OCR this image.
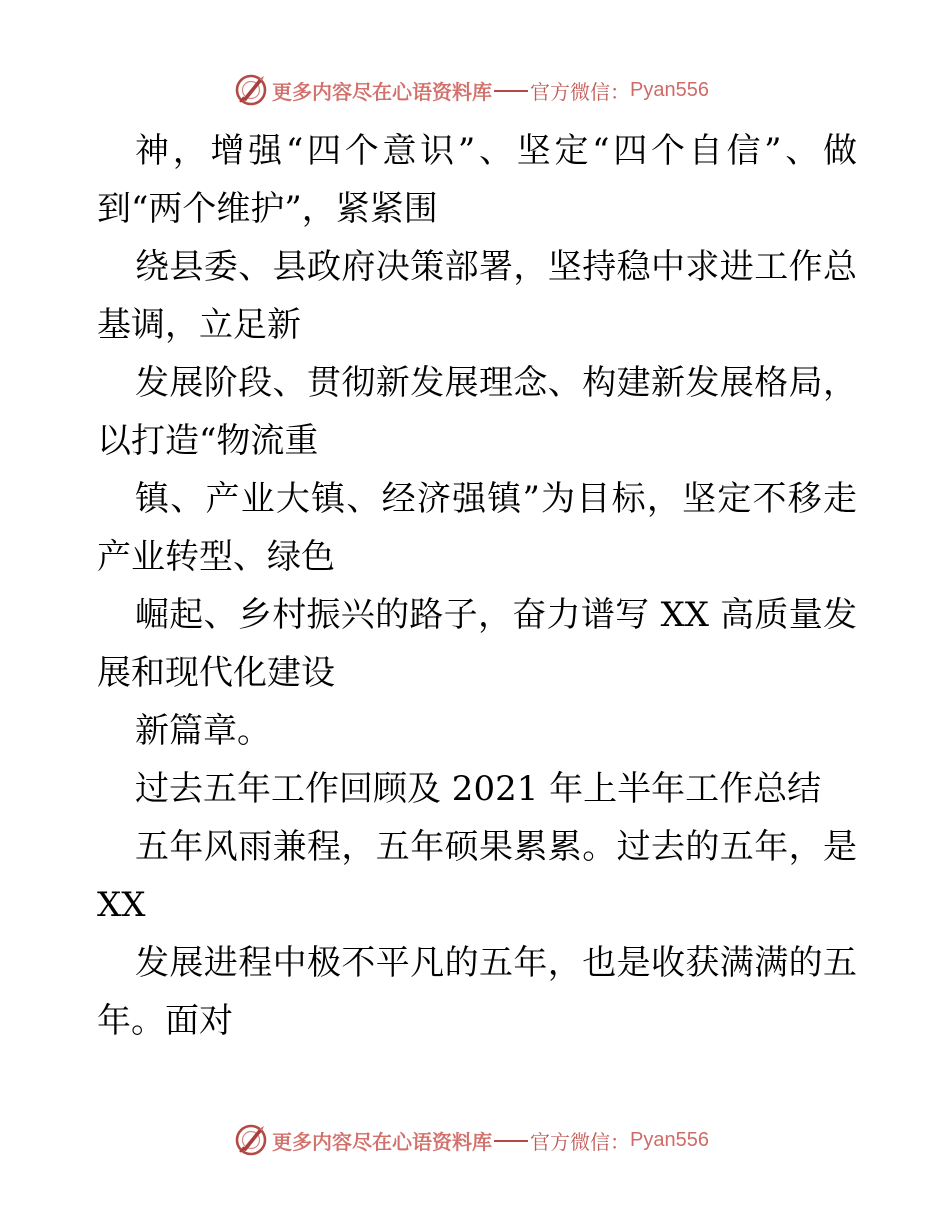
更多内容尽在心语资料库 官方微信： Pyan556
神，增强“四个意识”、坚定“四个自信”、做
到“两个维护”，紧紧围
绕县委、县政府决策部署，坚持稳中求进工作总
基调，立足新
发展阶段、贯彻新发展理念、构建新发展格局，
以打造“物流重
镇、产业大镇、经济强镇”为目标，坚定不移走
产业转型、绿色
崛起、乡村振兴的路子，奋力谱写 XX 高质量发
展和现代化建设
新篇章。
过去五年工作回顾及 2021 年上半年工作总结
五年风雨兼程，五年硕果累累。过去的五年，是
XX
发展进程中极不平凡的五年，也是收获满满的五
年。面对
更多内容尽在心语资料库 官方微信： Pyan556
